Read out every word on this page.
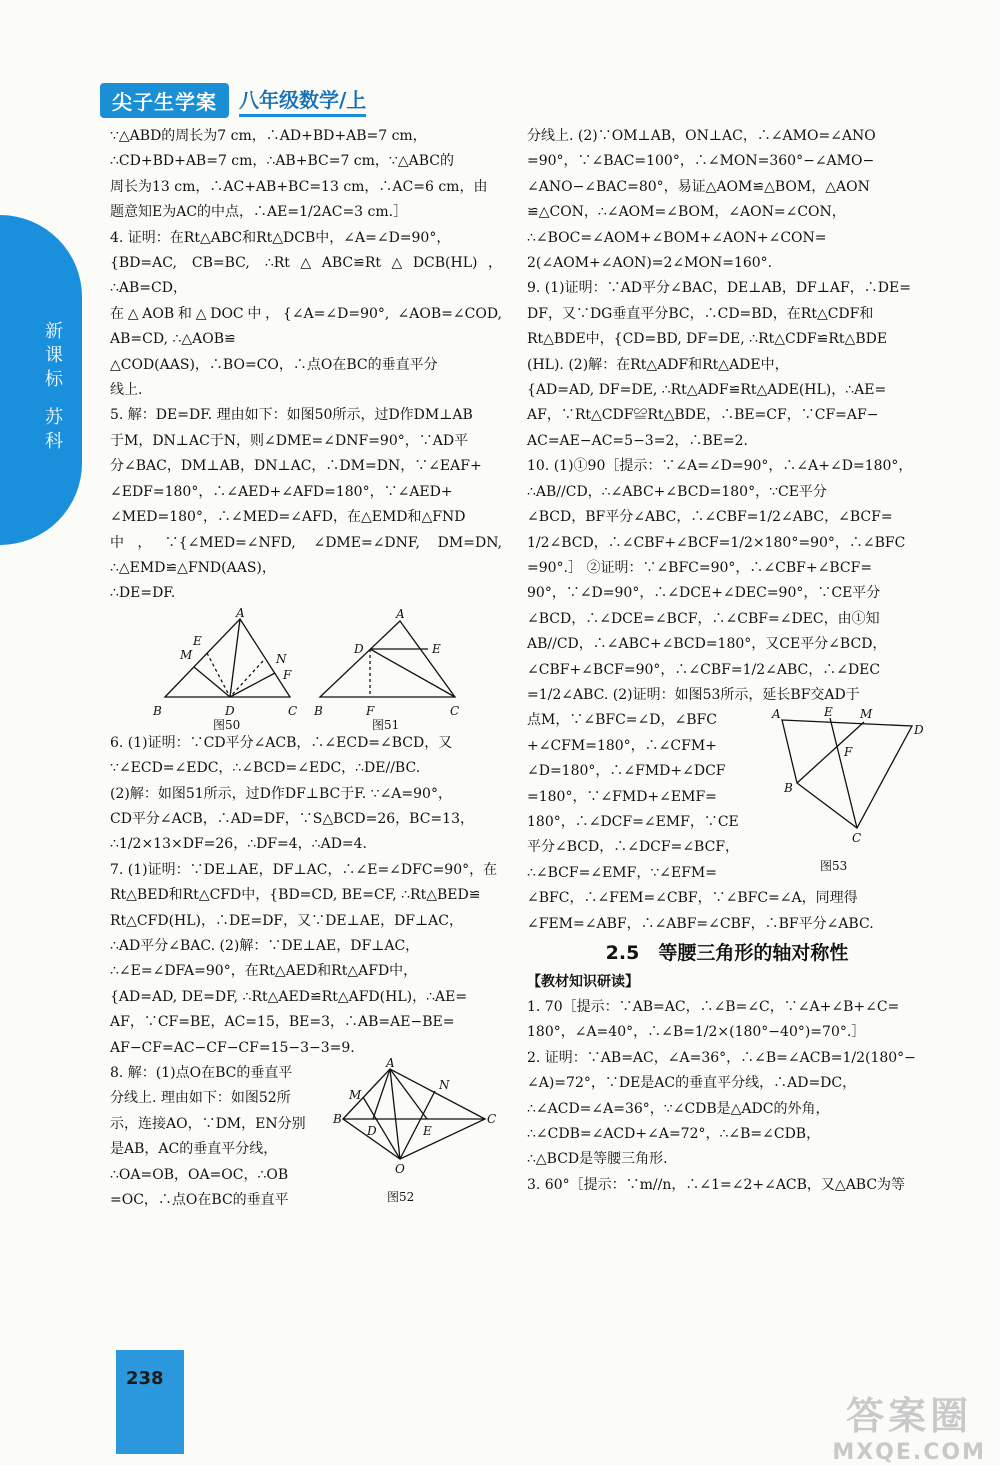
尖子生学案	八年级数学/上
新课标
苏科

∵△ABD的周长为7 cm，∴AD+BD+AB=7 cm，

∴CD+BD+AB=7 cm，∴AB+BC=7 cm，∵△ABC的

周长为13 cm，∴AC+AB+BC=13 cm，∴AC=6 cm，由

题意知E为AC的中点，∴AE=1/2AC=3 cm.］

4. 证明：在Rt△ABC和Rt△DCB中，∠A=∠D=90°，

{BD=AC, CB=BC, ∴Rt△ABC≌Rt△DCB(HL)，∴AB=CD，

在△AOB和△DOC中，{∠A=∠D=90°, ∠AOB=∠COD, AB=CD, ∴△AOB≌

△COD(AAS)，∴BO=CO，∴点O在BC的垂直平分

线上.

5. 解：DE=DF. 理由如下：如图50所示，过D作DM⊥AB

于M，DN⊥AC于N，则∠DME=∠DNF=90°，∵AD平

分∠BAC，DM⊥AB，DN⊥AC，∴DM=DN，∵∠EAF+

∠EDF=180°，∴∠AED+∠AFD=180°，∵∠AED+

∠MED=180°，∴∠MED=∠AFD，在△EMD和△FND

中，∵{∠MED=∠NFD, ∠DME=∠DNF, DM=DN, ∴△EMD≌△FND(AAS)，

∴DE=DF.

A
E
M	N
F
B	D	C
A
D	E
B	F	C
图50	图51

6. (1)证明：∵CD平分∠ACB，∴∠ECD=∠BCD，又

∵∠ECD=∠EDC，∴∠BCD=∠EDC，∴DE//BC.

(2)解：如图51所示，过D作DF⊥BC于F. ∵∠A=90°，

CD平分∠ACB，∴AD=DF，∵S△BCD=26，BC=13，

∴1/2×13×DF=26，∴DF=4，∴AD=4.

7. (1)证明：∵DE⊥AE，DF⊥AC，∴∠E=∠DFC=90°，在

Rt△BED和Rt△CFD中，{BD=CD, BE=CF, ∴Rt△BED≌

Rt△CFD(HL)，∴DE=DF，又∵DE⊥AE，DF⊥AC，

∴AD平分∠BAC. (2)解：∵DE⊥AE，DF⊥AC，

∴∠E=∠DFA=90°，在Rt△AED和Rt△AFD中，

{AD=AD, DE=DF, ∴Rt△AED≌Rt△AFD(HL)，∴AE=

AF，∵CF=BE，AC=15，BE=3，∴AB=AE−BE=

AF−CF=AC−CF−CF=15−3−3=9.

8. 解：(1)点O在BC的垂直平

分线上. 理由如下：如图52所

示，连接AO，∵DM，EN分别

是AB，AC的垂直平分线，

∴OA=OB，OA=OC，∴OB

=OC，∴点O在BC的垂直平

A
M
N
B
D	E
C
O
图52

分线上. (2)∵OM⊥AB，ON⊥AC，∴∠AMO=∠ANO

=90°，∵∠BAC=100°，∴∠MON=360°−∠AMO−

∠ANO−∠BAC=80°，易证△AOM≌△BOM，△AON

≌△CON，∴∠AOM=∠BOM，∠AON=∠CON，

∴∠BOC=∠AOM+∠BOM+∠AON+∠CON=

2(∠AOM+∠AON)=2∠MON=160°.

9. (1)证明：∵AD平分∠BAC，DE⊥AB，DF⊥AF，∴DE=

DF，又∵DG垂直平分BC，∴CD=BD，在Rt△CDF和

Rt△BDE中，{CD=BD, DF=DE, ∴Rt△CDF≌Rt△BDE

(HL). (2)解：在Rt△ADF和Rt△ADE中，

{AD=AD, DF=DE, ∴Rt△ADF≌Rt△ADE(HL)，∴AE=

AF，∵Rt△CDF≌Rt△BDE，∴BE=CF，∵CF=AF−

AC=AE−AC=5−3=2，∴BE=2.

10. (1)①90［提示：∵∠A=∠D=90°，∴∠A+∠D=180°，

∴AB//CD，∴∠ABC+∠BCD=180°，∵CE平分

∠BCD，BF平分∠ABC，∴∠CBF=1/2∠ABC，∠BCF=

1/2∠BCD，∴∠CBF+∠BCF=1/2×180°=90°，∴∠BFC

=90°.］ ②证明：∵∠BFC=90°，∴∠CBF+∠BCF=

90°，∵∠D=90°，∴∠DCE+∠DEC=90°，∵CE平分

∠BCD，∴∠DCE=∠BCF，∴∠CBF=∠DEC，由①知

AB//CD，∴∠ABC+∠BCD=180°，又CE平分∠BCD，

∠CBF+∠BCF=90°，∴∠CBF=1/2∠ABC，∴∠DEC

=1/2∠ABC. (2)证明：如图53所示，延长BF交AD于

点M，∵∠BFC=∠D，∠BFC

+∠CFM=180°，∴∠CFM+

∠D=180°，∴∠FMD+∠DCF

=180°，∵∠FMD+∠EMF=

180°，∴∠DCF=∠EMF，∵CE

平分∠BCD，∴∠DCF=∠BCF，

∴∠BCF=∠EMF，∵∠EFM=

A	E M
D
F
B
C
图53

∠BFC，∴∠FEM=∠CBF，∵∠BFC=∠A，同理得

∠FEM=∠ABF，∴∠ABF=∠CBF，∴BF平分∠ABC.

2.5　等腰三角形的轴对称性
【教材知识研读】

1. 70［提示：∵AB=AC，∴∠B=∠C，∵∠A+∠B+∠C=

180°，∠A=40°，∴∠B=1/2×(180°−40°)=70°.］

2. 证明：∵AB=AC，∠A=36°，∴∠B=∠ACB=1/2(180°−

∠A)=72°，∵DE是AC的垂直平分线，∴AD=DC，

∴∠ACD=∠A=36°，∵∠CDB是△ADC的外角，

∴∠CDB=∠ACD+∠A=72°，∴∠B=∠CDB，

∴△BCD是等腰三角形.

3. 60°［提示：∵m//n，∴∠1=∠2+∠ACB，又△ABC为等

238
答案圈
MXQE.COM
